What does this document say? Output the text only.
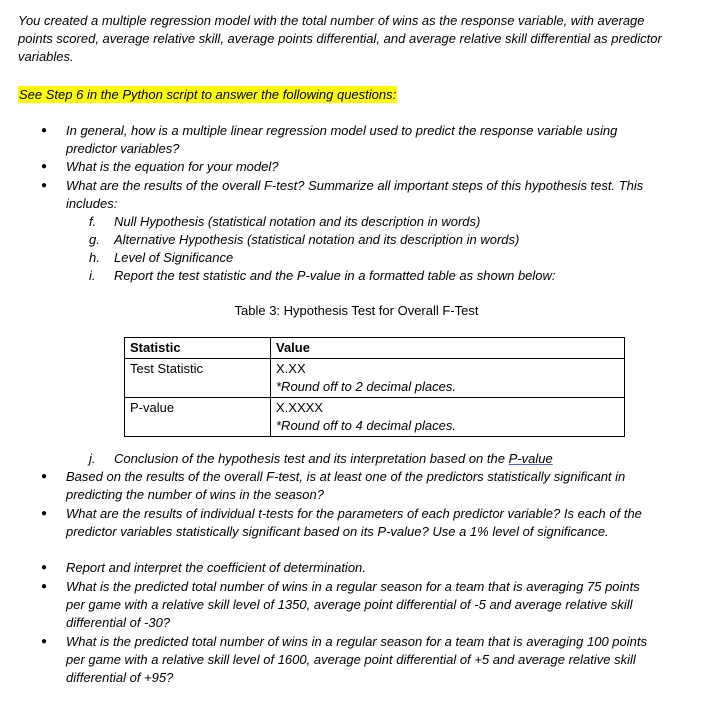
You created a multiple regression model with the total number of wins as the response variable, with average points scored, average relative skill, average points differential, and average relative skill differential as predictor variables.
See Step 6 in the Python script to answer the following questions:
● In general, how is a multiple linear regression model used to predict the response variable using predictor variables?
● What is the equation for your model?
● What are the results of the overall F-test? Summarize all important steps of this hypothesis test. This includes:
f.	Null Hypothesis (statistical notation and its description in words)
g.	Alternative Hypothesis (statistical notation and its description in words)
h.	Level of Significance
i.	Report the test statistic and the P-value in a formatted table as shown below:
Table 3: Hypothesis Test for Overall F-Test
Statistic	Value
Test Statistic	X.XX
*Round off to 2 decimal places.

P-value	X.XXXX
*Round off to 4 decimal places.
j.	Conclusion of the hypothesis test and its interpretation based on the P-value
● Based on the results of the overall F-test, is at least one of the predictors statistically significant in predicting the number of wins in the season?
● What are the results of individual t-tests for the parameters of each predictor variable? Is each of the predictor variables statistically significant based on its P-value? Use a 1% level of significance.
● Report and interpret the coefficient of determination.
● What is the predicted total number of wins in a regular season for a team that is averaging 75 points per game with a relative skill level of 1350, average point differential of -5 and average relative skill differential of -30?
● What is the predicted total number of wins in a regular season for a team that is averaging 100 points per game with a relative skill level of 1600, average point differential of +5 and average relative skill differential of +95?
